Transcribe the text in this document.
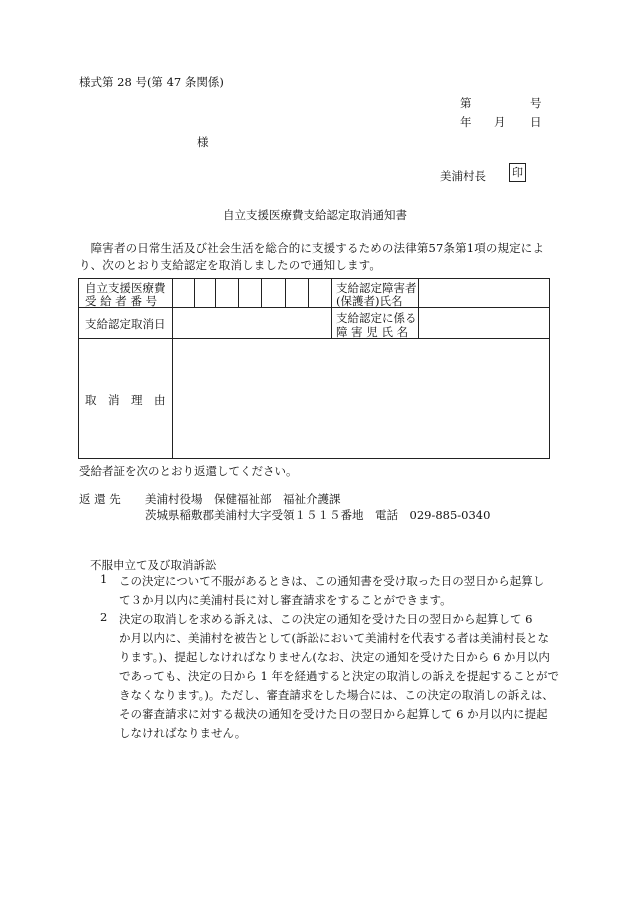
様式第 28 号(第 47 条関係)
第	号
年 月 日
様
美浦村長 印
自立支援医療費支給認定取消通知書

　障害者の日常生活及び社会生活を総合的に支援するための法律第57条第1項の規定によ

り、次のとおり支給認定を取消しましたので通知します。

自立支援医療費
受 給 者 番 号
支給認定障害者
(保護者)氏名
支給認定取消日	支給認定に係る
障 害 児 氏 名
取　消　理　由
受給者証を次のとおり返還してください。
返 還 先 美浦村役場　保健福祉部　福祉介護課
茨城県稲敷郡美浦村大字受領１５１５番地　電話　029-885-0340
不服申立て及び取消訴訟
1 この決定について不服があるときは、この通知書を受け取った日の翌日から起算し
て３か月以内に美浦村長に対し審査請求をすることができます。
2 決定の取消しを求める訴えは、この決定の通知を受けた日の翌日から起算して 6
か月以内に、美浦村を被告として(訴訟において美浦村を代表する者は美浦村長とな
ります。)、提起しなければなりません(なお、決定の通知を受けた日から 6 か月以内
であっても、決定の日から 1 年を経過すると決定の取消しの訴えを提起することがで
きなくなります。)。ただし、審査請求をした場合には、この決定の取消しの訴えは、
その審査請求に対する裁決の通知を受けた日の翌日から起算して 6 か月以内に提起
しなければなりません。
